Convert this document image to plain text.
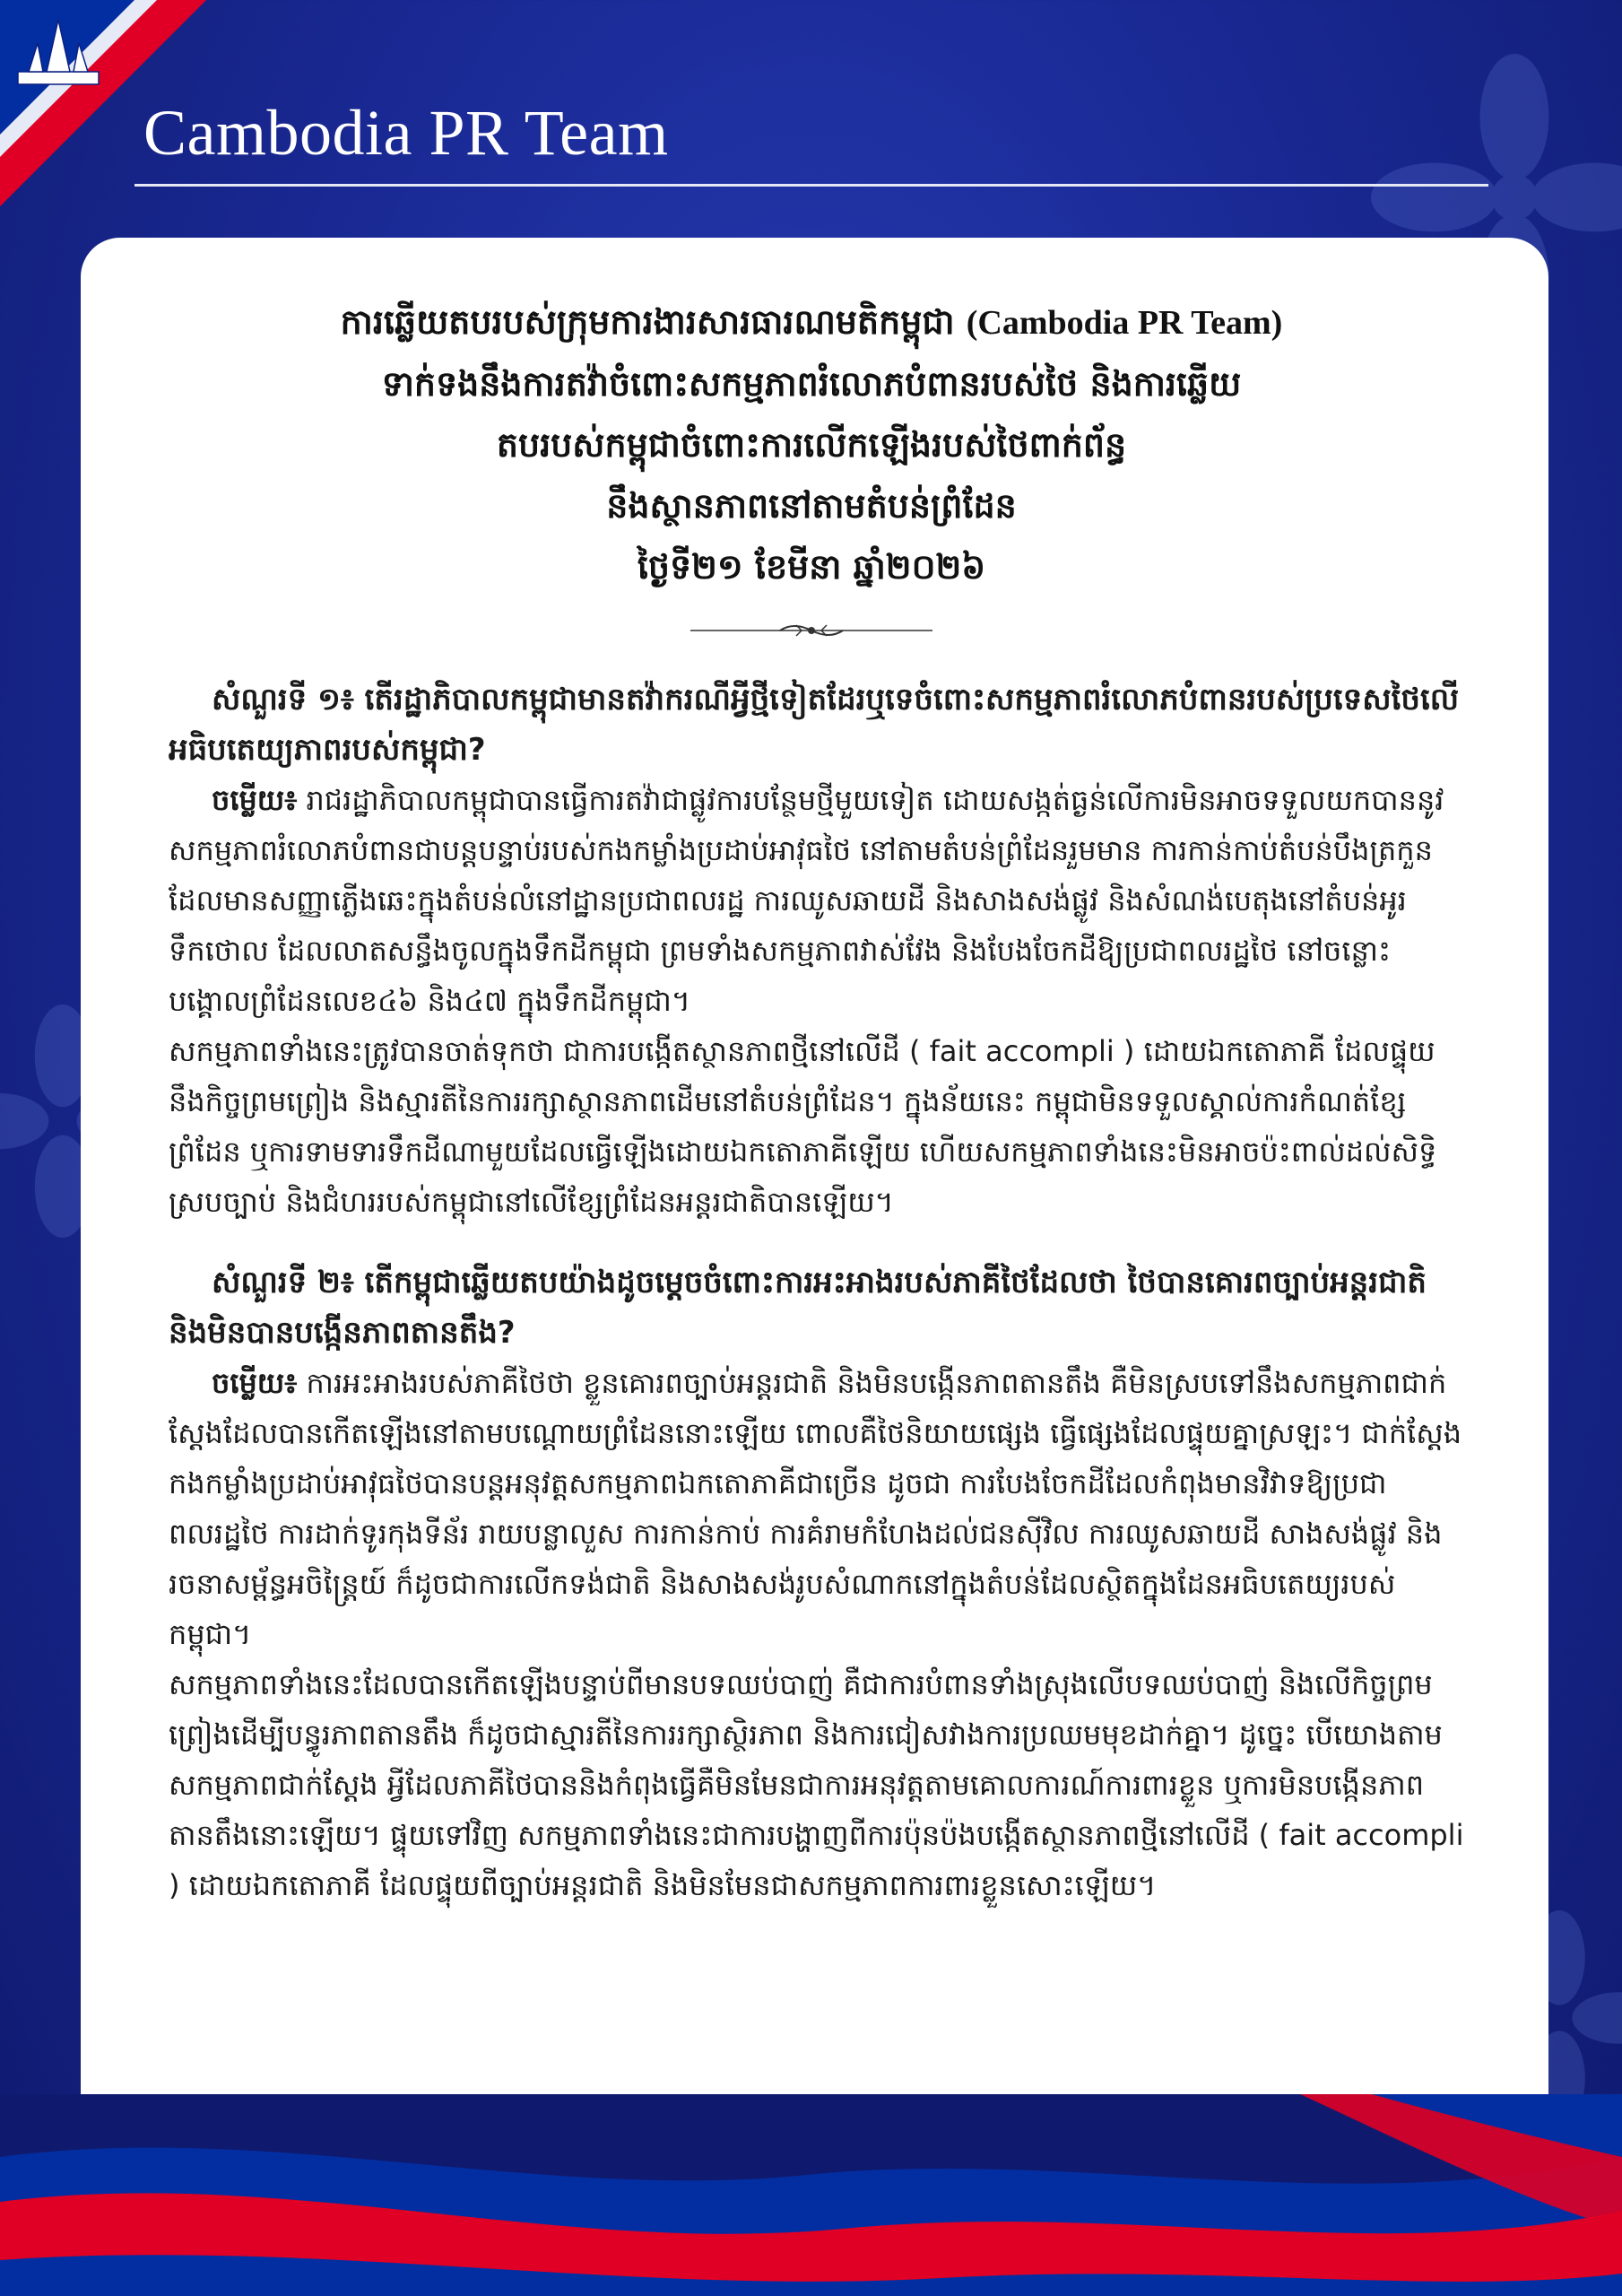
Cambodia PR Team
ការឆ្លើយតបរបស់ក្រុមការងារសារធារណមតិកម្ពុជា (Cambodia PR Team)
ទាក់ទងនឹងការតវ៉ាចំពោះសកម្មភាពរំលោភបំពានរបស់ថៃ និងការឆ្លើយ
តបរបស់កម្ពុជាចំពោះការលើកឡើងរបស់ថៃពាក់ព័ន្ធ
នឹងស្ថានភាពនៅតាមតំបន់ព្រំដែន
ថ្ងៃទី២១ ខែមីនា ឆ្នាំ២០២៦
សំណួរទី ១៖ តើរដ្ឋាភិបាលកម្ពុជាមានតវ៉ាករណីអ្វីថ្មីទៀតដែរឬទេចំពោះសកម្មភាពរំលោភបំពានរបស់ប្រទេសថៃលើអធិបតេយ្យភាពរបស់កម្ពុជា?

ចម្លើយ៖ រាជរដ្ឋាភិបាលកម្ពុជាបានធ្វើការតវ៉ាជាផ្លូវការបន្ថែមថ្មីមួយទៀត ដោយសង្កត់ធ្ងន់លើការមិនអាចទទួលយកបាននូវសកម្មភាពរំលោភបំពានជាបន្តបន្ទាប់របស់កងកម្លាំងប្រដាប់អាវុធថៃ នៅតាមតំបន់ព្រំដែនរួមមាន ការកាន់កាប់តំបន់បឹងត្រកួនដែលមានសញ្ញាភ្លើងឆេះក្នុងតំបន់លំនៅដ្ឋានប្រជាពលរដ្ឋ ការឈូសឆាយដី និងសាងសង់ផ្លូវ និងសំណង់បេតុងនៅតំបន់អូរទឹកថោល ដែលលាតសន្ធឹងចូលក្នុងទឹកដីកម្ពុជា ព្រមទាំងសកម្មភាពវាស់វែង និងបែងចែកដីឱ្យប្រជាពលរដ្ឋថៃ នៅចន្លោះបង្គោលព្រំដែនលេខ៤៦ និង៤៧ ក្នុងទឹកដីកម្ពុជា។

សកម្មភាពទាំងនេះត្រូវបានចាត់ទុកថា ជាការបង្កើតស្ថានភាពថ្មីនៅលើដី ( fait accompli ) ដោយឯកតោភាគី ដែលផ្ទុយនឹងកិច្ចព្រមព្រៀង និងស្មារតីនៃការរក្សាស្ថានភាពដើមនៅតំបន់ព្រំដែន។ ក្នុងន័យនេះ កម្ពុជាមិនទទួលស្គាល់ការកំណត់ខ្សែព្រំដែន ឬការទាមទារទឹកដីណាមួយដែលធ្វើឡើងដោយឯកតោភាគីឡើយ ហើយសកម្មភាពទាំងនេះមិនអាចប៉ះពាល់ដល់សិទ្ធិស្របច្បាប់ និងជំហររបស់កម្ពុជានៅលើខ្សែព្រំដែនអន្តរជាតិបានឡើយ។

សំណួរទី ២៖ តើកម្ពុជាឆ្លើយតបយ៉ាងដូចម្តេចចំពោះការអះអាងរបស់ភាគីថៃដែលថា ថៃបានគោរពច្បាប់អន្តរជាតិ និងមិនបានបង្កើនភាពតានតឹង?

ចម្លើយ៖ ការអះអាងរបស់ភាគីថៃថា ខ្លួនគោរពច្បាប់អន្តរជាតិ និងមិនបង្កើនភាពតានតឹង គឺមិនស្របទៅនឹងសកម្មភាពជាក់ស្តែងដែលបានកើតឡើងនៅតាមបណ្តោយព្រំដែននោះឡើយ ពោលគឺថៃនិយាយផ្សេង ធ្វើផ្សេងដែលផ្ទុយគ្នាស្រឡះ។ ជាក់ស្តែង កងកម្លាំងប្រដាប់អាវុធថៃបានបន្តអនុវត្តសកម្មភាពឯកតោភាគីជាច្រើន ដូចជា ការបែងចែកដីដែលកំពុងមានវិវាទឱ្យប្រជាពលរដ្ឋថៃ ការដាក់ទូរកុងទីន័រ រាយបន្លាលួស ការកាន់កាប់ ការគំរាមកំហែងដល់ជនស៊ីវិល ការឈូសឆាយដី សាងសង់ផ្លូវ និងរចនាសម្ព័ន្ធអចិន្ត្រៃយ៍ ក៏ដូចជាការលើកទង់ជាតិ និងសាងសង់រូបសំណាកនៅក្នុងតំបន់ដែលស្ថិតក្នុងដែនអធិបតេយ្យរបស់កម្ពុជា។

សកម្មភាពទាំងនេះដែលបានកើតឡើងបន្ទាប់ពីមានបទឈប់បាញ់ គឺជាការបំពានទាំងស្រុងលើបទឈប់បាញ់ និងលើកិច្ចព្រមព្រៀងដើម្បីបន្ធូរភាពតានតឹង ក៏ដូចជាស្មារតីនៃការរក្សាស្ថិរភាព និងការជៀសវាងការប្រឈមមុខដាក់គ្នា។ ដូច្នេះ បើយោងតាមសកម្មភាពជាក់ស្តែង អ្វីដែលភាគីថៃបាននិងកំពុងធ្វើគឺមិនមែនជាការអនុវត្តតាមគោលការណ៍ការពារខ្លួន ឬការមិនបង្កើនភាពតានតឹងនោះឡើយ។ ផ្ទុយទៅវិញ សកម្មភាពទាំងនេះជាការបង្ហាញពីការប៉ុនប៉ងបង្កើតស្ថានភាពថ្មីនៅលើដី ( fait accompli ) ដោយឯកតោភាគី ដែលផ្ទុយពីច្បាប់អន្តរជាតិ និងមិនមែនជាសកម្មភាពការពារខ្លួនសោះឡើយ។
